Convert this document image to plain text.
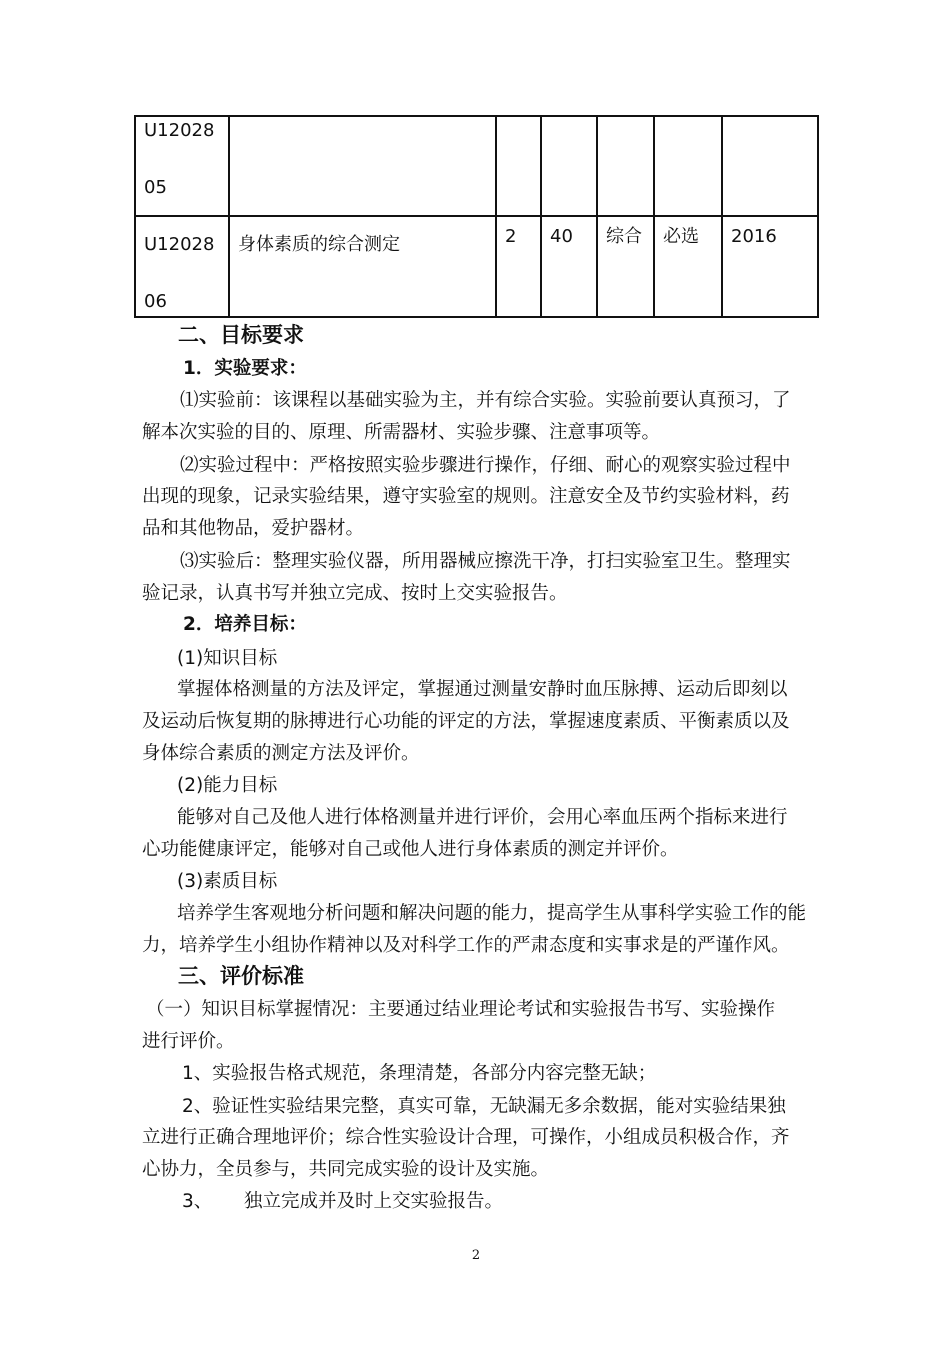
U12028
05						

U12028
06	身体素质的综合测定	2	40	综合	必选	2016
二、目标要求
1．实验要求：
⑴实验前：该课程以基础实验为主，并有综合实验。实验前要认真预习，了
解本次实验的目的、原理、所需器材、实验步骤、注意事项等。
⑵实验过程中：严格按照实验步骤进行操作，仔细、耐心的观察实验过程中
出现的现象，记录实验结果，遵守实验室的规则。注意安全及节约实验材料，药
品和其他物品，爱护器材。
⑶实验后：整理实验仪器，所用器械应擦洗干净，打扫实验室卫生。整理实
验记录，认真书写并独立完成、按时上交实验报告。
2．培养目标：
(1)知识目标
掌握体格测量的方法及评定，掌握通过测量安静时血压脉搏、运动后即刻以
及运动后恢复期的脉搏进行心功能的评定的方法，掌握速度素质、平衡素质以及
身体综合素质的测定方法及评价。
(2)能力目标
能够对自己及他人进行体格测量并进行评价，会用心率血压两个指标来进行
心功能健康评定，能够对自己或他人进行身体素质的测定并评价。
(3)素质目标
培养学生客观地分析问题和解决问题的能力，提高学生从事科学实验工作的能
力，培养学生小组协作精神以及对科学工作的严肃态度和实事求是的严谨作风。
三、评价标准
（一）知识目标掌握情况：主要通过结业理论考试和实验报告书写、实验操作
进行评价。
1、实验报告格式规范，条理清楚，各部分内容完整无缺；
2、验证性实验结果完整，真实可靠，无缺漏无多余数据，能对实验结果独
立进行正确合理地评价；综合性实验设计合理，可操作，小组成员积极合作，齐
心协力，全员参与，共同完成实验的设计及实施。
3、	独立完成并及时上交实验报告。
2
